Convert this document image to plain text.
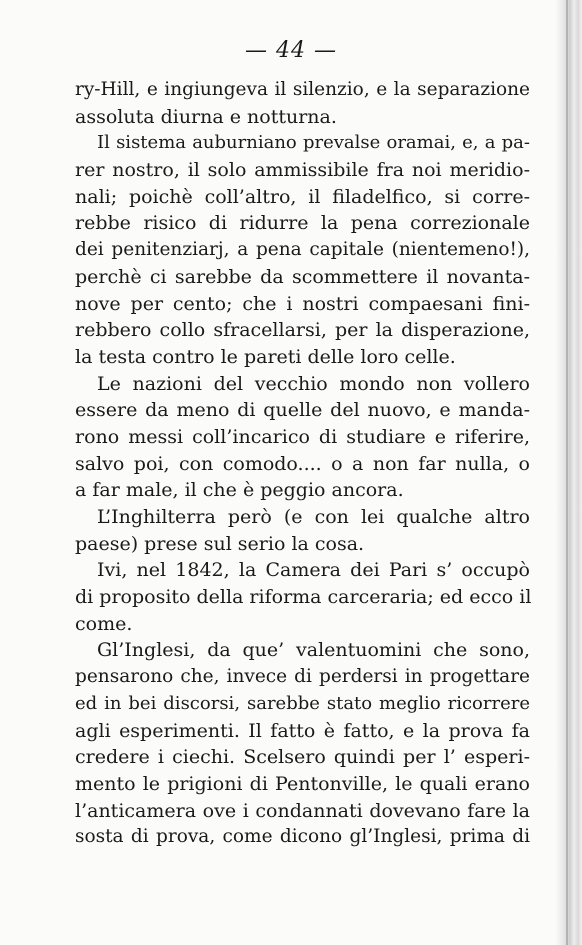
— 44 —
ry-Hill, e ingiungeva il silenzio, e la separazione
assoluta diurna e notturna.
Il sistema auburniano prevalse oramai, e, a pa-
rer nostro, il solo ammissibile fra noi meridio-
nali; poichè coll’altro, il filadelfico, si corre-
rebbe risico di ridurre la pena correzionale
dei penitenziarj, a pena capitale (nientemeno!),
perchè ci sarebbe da scommettere il novanta-
nove per cento; che i nostri compaesani fini-
rebbero collo sfracellarsi, per la disperazione,
la testa contro le pareti delle loro celle.
Le nazioni del vecchio mondo non vollero
essere da meno di quelle del nuovo, e manda-
rono messi coll’incarico di studiare e riferire,
salvo poi, con comodo.... o a non far nulla, o
a far male, il che è peggio ancora.
L’Inghilterra però (e con lei qualche altro
paese) prese sul serio la cosa.
Ivi, nel 1842, la Camera dei Pari s’ occupò
di proposito della riforma carceraria; ed ecco il
come.
Gl’Inglesi, da que’ valentuomini che sono,
pensarono che, invece di perdersi in progettare
ed in bei discorsi, sarebbe stato meglio ricorrere
agli esperimenti. Il fatto è fatto, e la prova fa
credere i ciechi. Scelsero quindi per l’ esperi-
mento le prigioni di Pentonville, le quali erano
l’anticamera ove i condannati dovevano fare la
sosta di prova, come dicono gl’Inglesi, prima di
